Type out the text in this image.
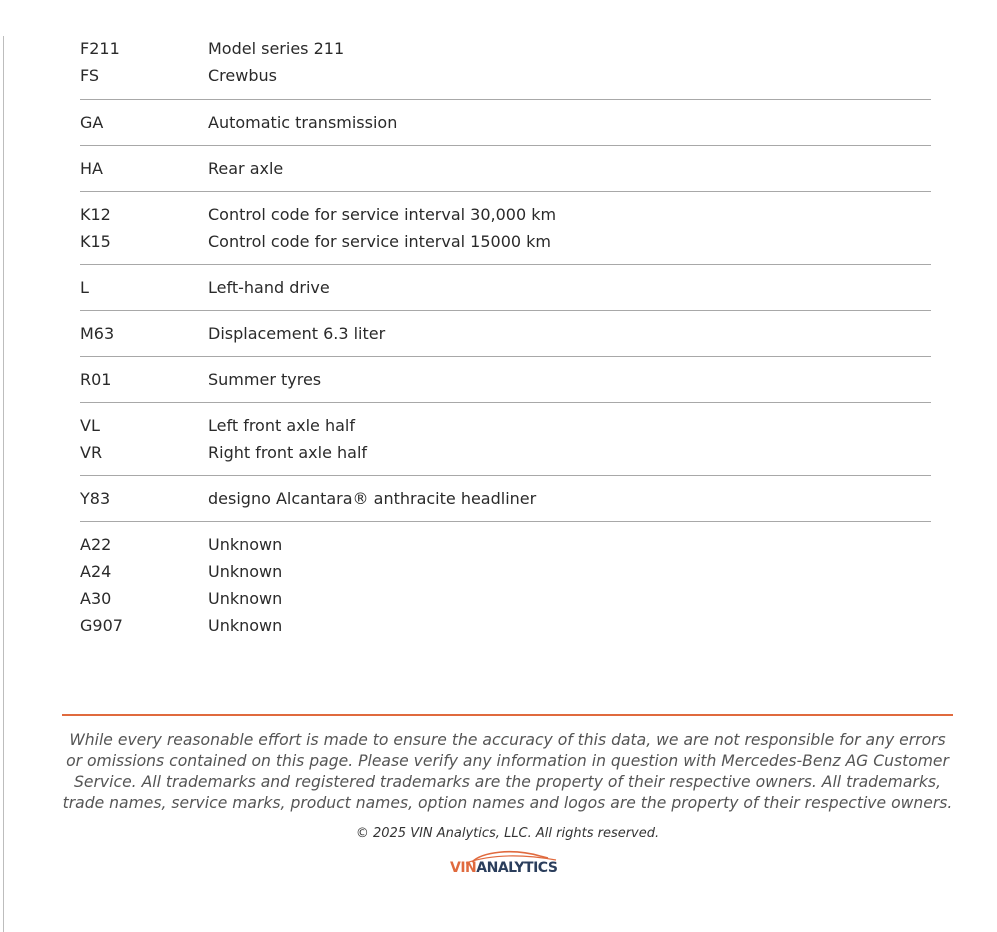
F211	Model series 211
FS	Crewbus
GA	Automatic transmission
HA	Rear axle
K12	Control code for service interval 30,000 km
K15	Control code for service interval 15000 km
L	Left-hand drive
M63	Displacement 6.3 liter
R01	Summer tyres
VL	Left front axle half
VR	Right front axle half
Y83	designo Alcantara® anthracite headliner
A22	Unknown
A24	Unknown
A30	Unknown
G907	Unknown
While every reasonable effort is made to ensure the accuracy of this data, we are not responsible for any errors or omissions contained on this page. Please verify any information in question with Mercedes-Benz AG Customer Service. All trademarks and registered trademarks are the property of their respective owners. All trademarks, trade names, service marks, product names, option names and logos are the property of their respective owners.
© 2025 VIN Analytics, LLC. All rights reserved.
VINANALYTICS
